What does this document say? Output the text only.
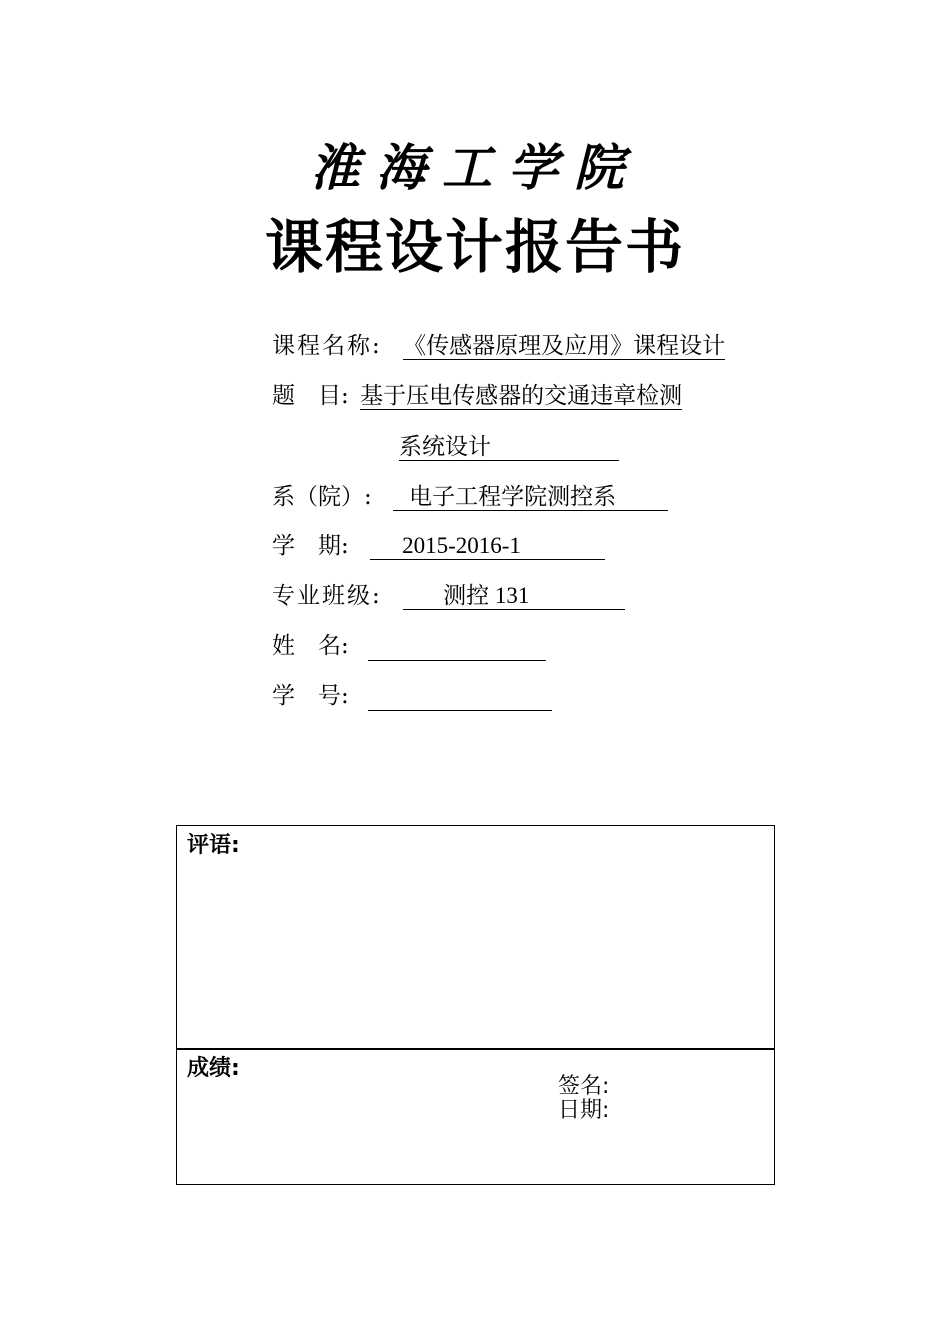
淮海工学院
课程设计报告书
课程名称: 《传感器原理及应用》课程设计
题　目: 基于压电传感器的交通违章检测
系统设计
系（院）: 电子工程学院测控系
学　期: 2015-2016-1
专业班级:	测控 131
姓　名:
学　号:
评语:
成绩:
签名:
日期:
